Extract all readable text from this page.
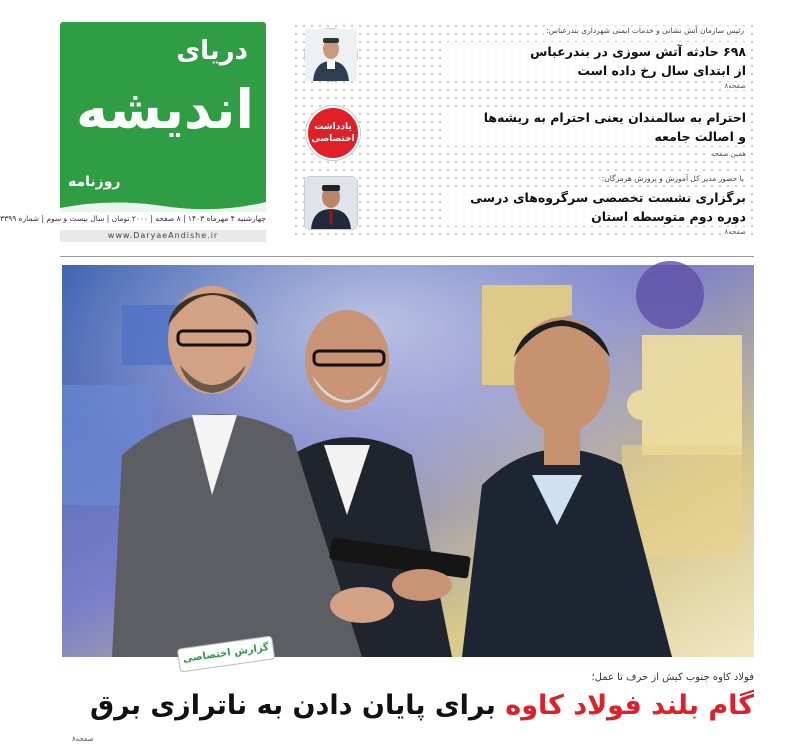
دریای
اندیشه
روزنامه
چهارشنبه ۴ مهرماه ۱۴۰۳ | ۸ صفحه | ۲۰۰۰ تومان | سال بیست و سوم | شماره ۳۳۹۹
www.DaryaeAndishe.ir
رئیس سازمان آتش نشانی و خدمات ایمنی شهرداری بندرعباس:
۶۹۸ حادثه آتش سوزی در بندرعباس
از ابتدای سال رخ داده است
صفحه۸
احترام به سالمندان یعنی احترام به ریشه‌ها
و اصالت جامعه
همین صفحه
یادداشت
اختصاصی
با حضور مدیر کل آموزش و پرورش هرمزگان:
برگزاری نشست تخصصی سرگروه‌های درسی
دوره دوم متوسطه استان
صفحه۸
گزارش اختصاصی
فولاد کاوه جنوب کیش از حرف تا عمل؛
گام بلند فولاد کاوه برای پایان دادن به ناترازی برق
صفحه۸
